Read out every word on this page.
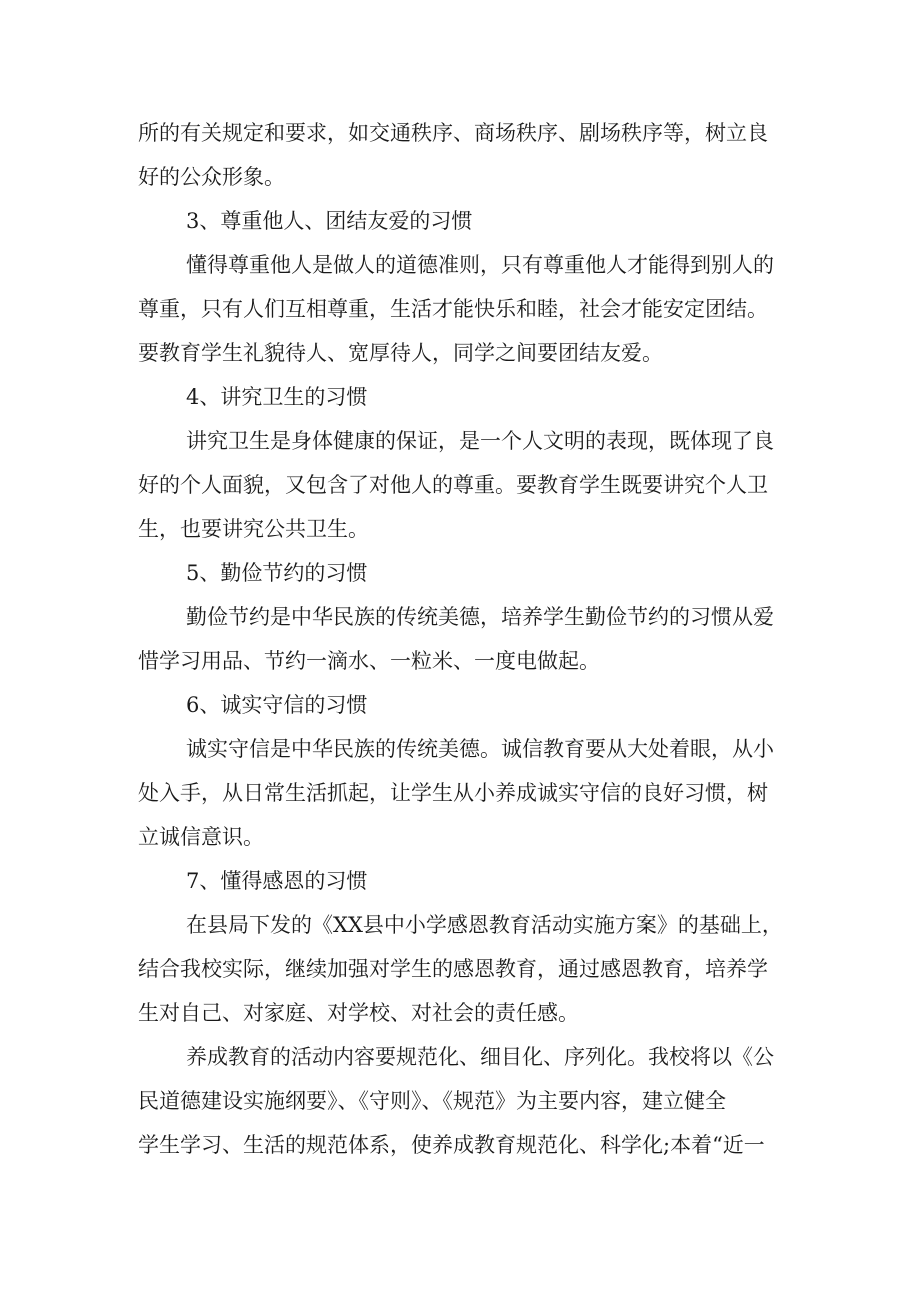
所的有关规定和要求，如交通秩序、商场秩序、剧场秩序等，树立良
好的公众形象。
3、尊重他人、团结友爱的习惯
懂得尊重他人是做人的道德准则，只有尊重他人才能得到别人的
尊重，只有人们互相尊重，生活才能快乐和睦，社会才能安定团结。
要教育学生礼貌待人、宽厚待人，同学之间要团结友爱。
4、讲究卫生的习惯
讲究卫生是身体健康的保证，是一个人文明的表现，既体现了良
好的个人面貌，又包含了对他人的尊重。要教育学生既要讲究个人卫
生，也要讲究公共卫生。
5、勤俭节约的习惯
勤俭节约是中华民族的传统美德，培养学生勤俭节约的习惯从爱
惜学习用品、节约一滴水、一粒米、一度电做起。
6、诚实守信的习惯
诚实守信是中华民族的传统美德。诚信教育要从大处着眼，从小
处入手，从日常生活抓起，让学生从小养成诚实守信的良好习惯，树
立诚信意识。
7、懂得感恩的习惯
在县局下发的《XX县中小学感恩教育活动实施方案》的基础上，
结合我校实际，继续加强对学生的感恩教育，通过感恩教育，培养学
生对自己、对家庭、对学校、对社会的责任感。
养成教育的活动内容要规范化、细目化、序列化。我校将以《公
民道德建设实施纲要》、《守则》、《规范》为主要内容，建立健全
学生学习、生活的规范体系，使养成教育规范化、科学化;本着“近一
